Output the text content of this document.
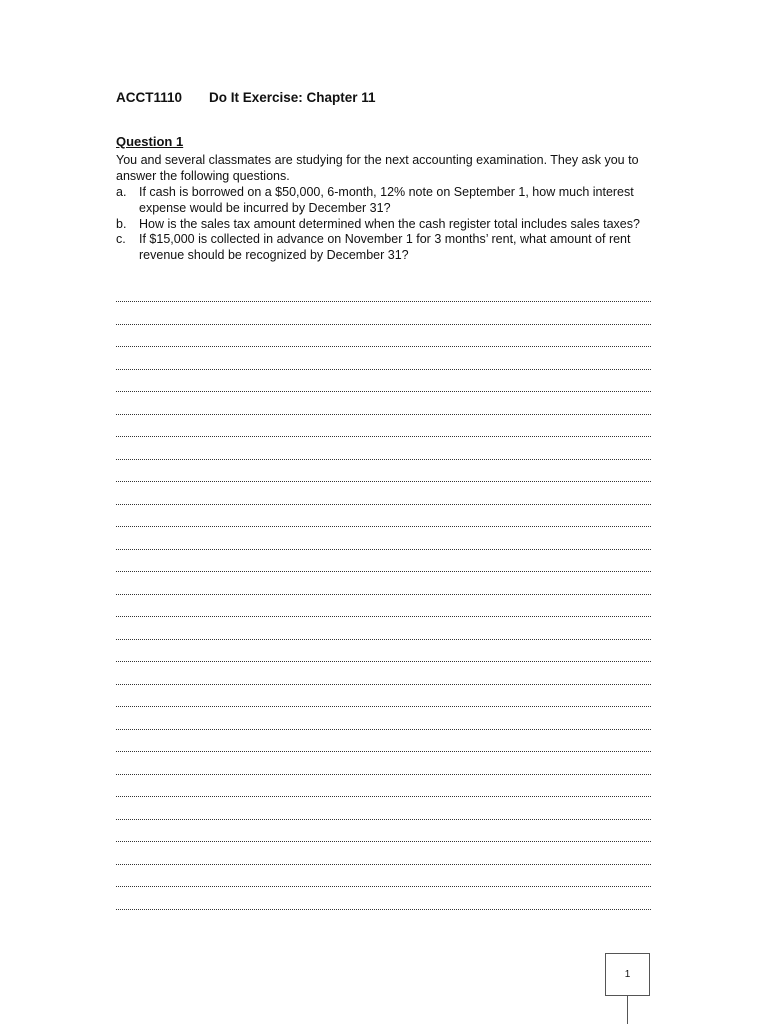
ACCT1110 Do It Exercise: Chapter 11
Question 1
You and several classmates are studying for the next accounting examination. They ask you to answer the following questions.
a.	If cash is borrowed on a $50,000, 6-month, 12% note on September 1, how much interest expense would be incurred by December 31?
b.	How is the sales tax amount determined when the cash register total includes sales taxes?
c.	If $15,000 is collected in advance on November 1 for 3 months’ rent, what amount of rent revenue should be recognized by December 31?
1
